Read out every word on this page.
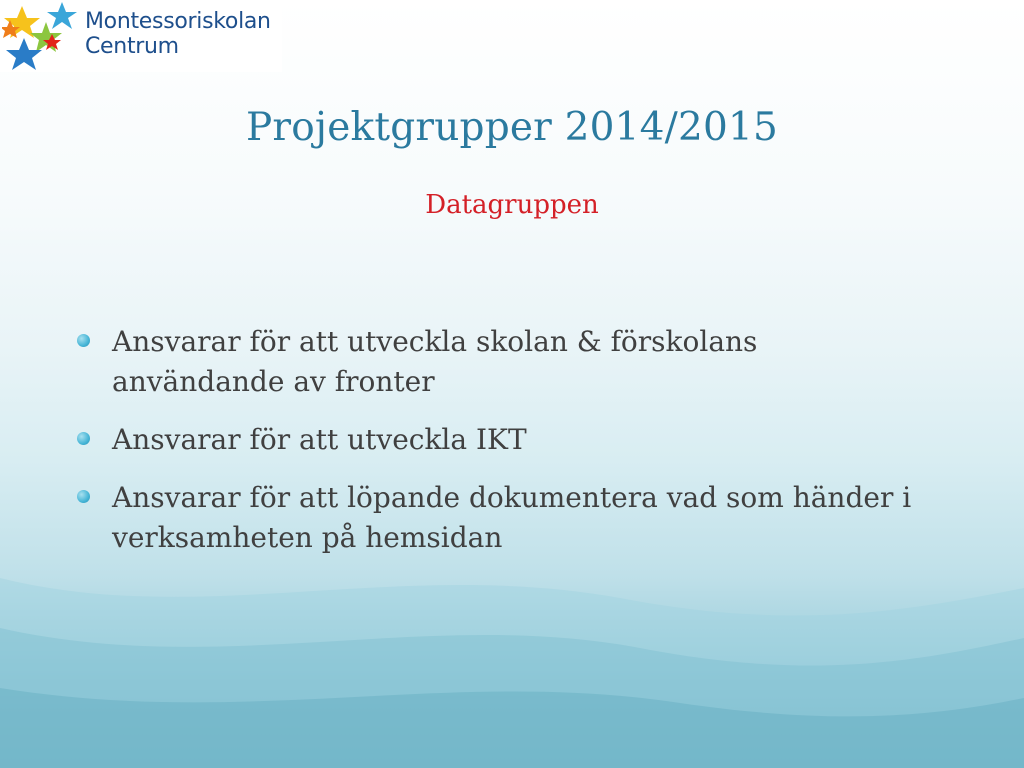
Montessoriskolan
Centrum
Projektgrupper 2014/2015
Datagruppen
Ansvarar för att utveckla skolan & förskolans användande av fronter
Ansvarar för att utveckla IKT
Ansvarar för att löpande dokumentera vad som händer i verksamheten på hemsidan
